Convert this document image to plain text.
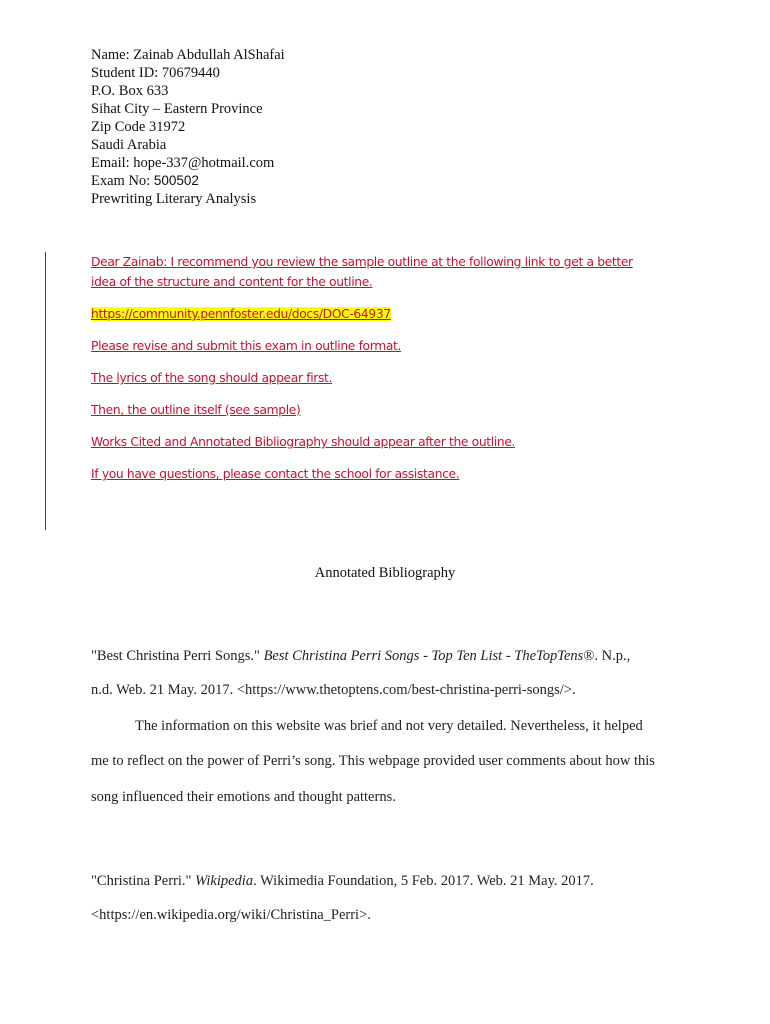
Name: Zainab Abdullah AlShafai
Student ID: 70679440
P.O. Box 633
Sihat City – Eastern Province
Zip Code 31972
Saudi Arabia
Email: hope-337@hotmail.com
Exam No: 500502
Prewriting Literary Analysis
Dear Zainab: I recommend you review the sample outline at the following link to get a better
idea of the structure and content for the outline.
https://community.pennfoster.edu/docs/DOC-64937
Please revise and submit this exam in outline format.
The lyrics of the song should appear first.
Then, the outline itself (see sample)
Works Cited and Annotated Bibliography should appear after the outline.
If you have questions, please contact the school for assistance.
Annotated Bibliography
"Best Christina Perri Songs." Best Christina Perri Songs - Top Ten List - TheTopTens®. N.p.,
n.d. Web. 21 May. 2017. <https://www.thetoptens.com/best-christina-perri-songs/>.
The information on this website was brief and not very detailed. Nevertheless, it helped
me to reflect on the power of Perri’s song. This webpage provided user comments about how this
song influenced their emotions and thought patterns.
"Christina Perri." Wikipedia. Wikimedia Foundation, 5 Feb. 2017. Web. 21 May. 2017.
<https://en.wikipedia.org/wiki/Christina_Perri>.
